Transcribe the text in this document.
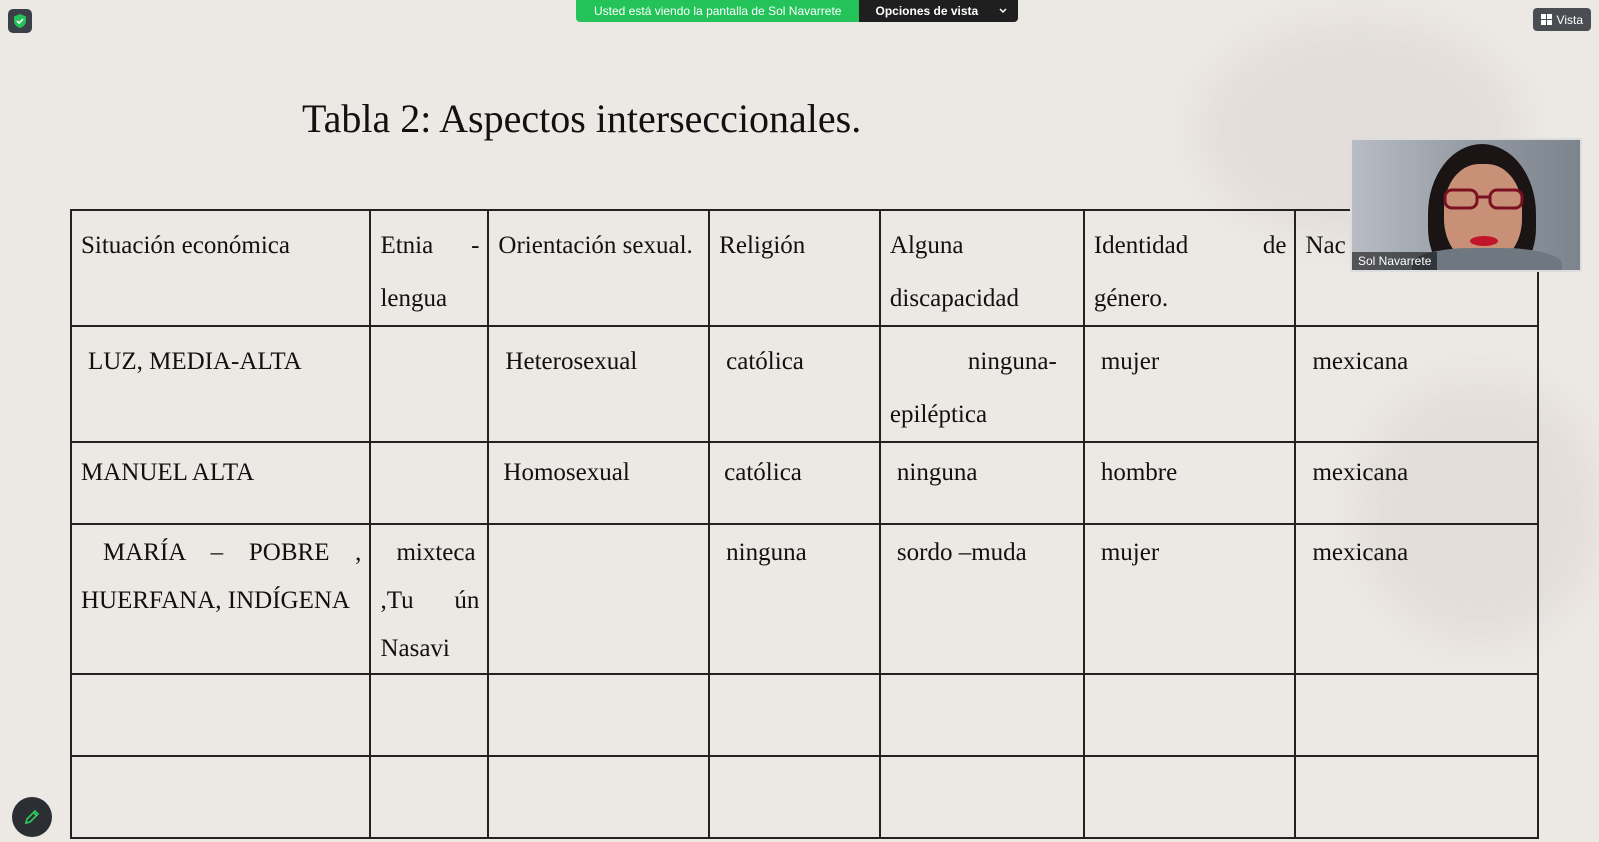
Usted está viendo la pantalla de Sol Navarrete	Opciones de vista
Vista
Tabla 2: Aspectos interseccionales.
Situación económica	Etnia - lengua	Orientación sexual.	Religión	Alguna discapacidad	Identidad de género.	Nac
LUZ, MEDIA-ALTA		Heterosexual	católica	ninguna-epiléptica	mujer	mexicana
MANUEL ALTA		Homosexual	católica	ninguna	hombre	mexicana

MARÍA – POBRE , HUERFANA, INDÍGENA	mixteca ,Tu ún Nasavi		ninguna	sordo –muda	mujer	mexicana

Sol Navarrete
